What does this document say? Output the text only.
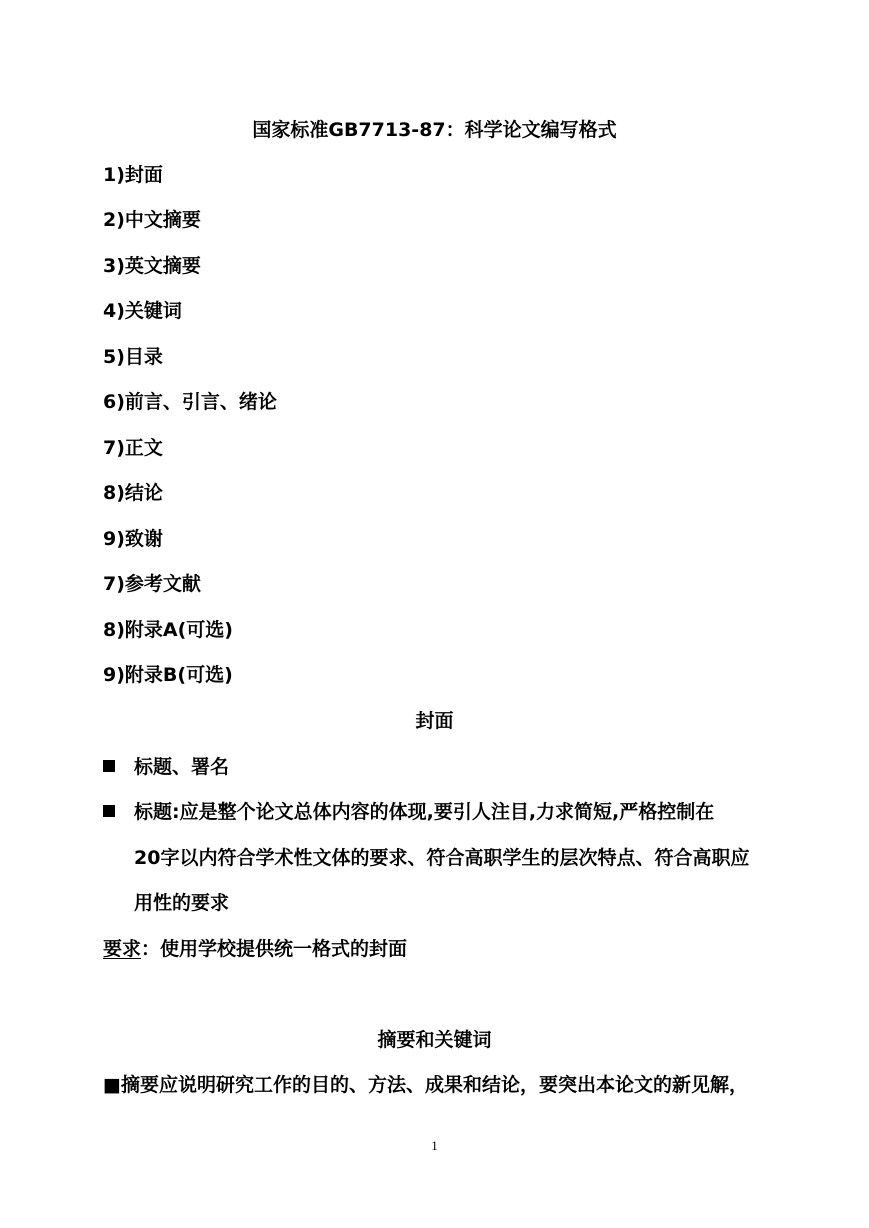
国家标准GB7713-87：科学论文编写格式
1)封面
2)中文摘要
3)英文摘要
4)关键词
5)目录
6)前言、引言、绪论
7)正文
8)结论
9)致谢
7)参考文献
8)附录A(可选)
9)附录B(可选)
封面
标题、署名
标题:应是整个论文总体内容的体现,要引人注目,力求简短,严格控制在
20字以内符合学术性文体的要求、符合高职学生的层次特点、符合高职应
用性的要求
要求：使用学校提供统一格式的封面
摘要和关键词
■摘要应说明研究工作的目的、方法、成果和结论，要突出本论文的新见解，
1
